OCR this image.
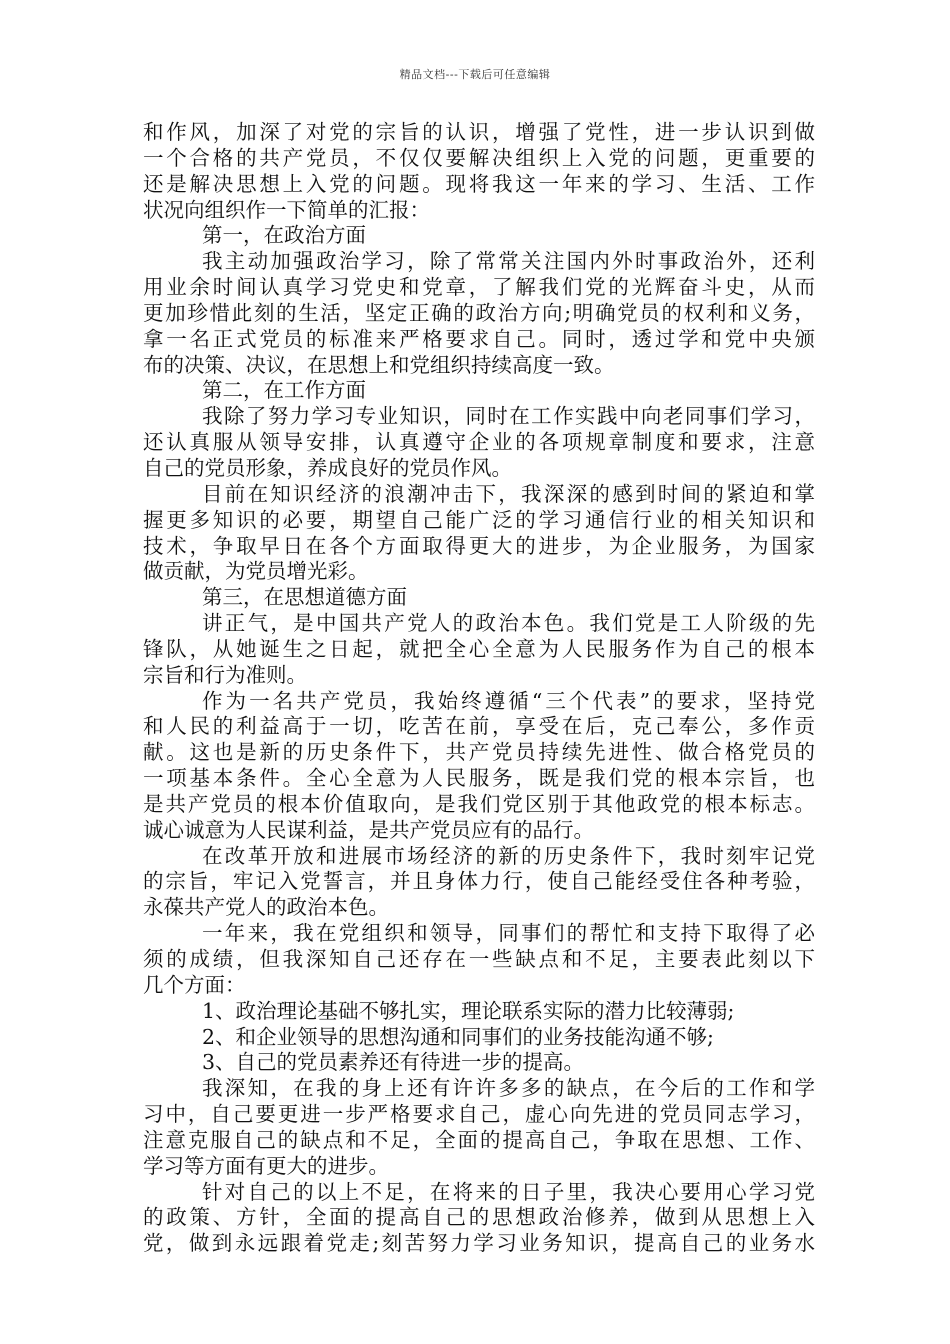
精品文档---下载后可任意编辑
和作风，加深了对党的宗旨的认识，增强了党性，进一步认识到做
一个合格的共产党员，不仅仅要解决组织上入党的问题，更重要的
还是解决思想上入党的问题。现将我这一年来的学习、生活、工作
状况向组织作一下简单的汇报：
第一，在政治方面
我主动加强政治学习，除了常常关注国内外时事政治外，还利
用业余时间认真学习党史和党章，了解我们党的光辉奋斗史，从而
更加珍惜此刻的生活，坚定正确的政治方向;明确党员的权利和义务，
拿一名正式党员的标准来严格要求自己。同时，透过学和党中央颁
布的决策、决议，在思想上和党组织持续高度一致。
第二，在工作方面
我除了努力学习专业知识，同时在工作实践中向老同事们学习，
还认真服从领导安排，认真遵守企业的各项规章制度和要求，注意
自己的党员形象，养成良好的党员作风。
目前在知识经济的浪潮冲击下，我深深的感到时间的紧迫和掌
握更多知识的必要，期望自己能广泛的学习通信行业的相关知识和
技术，争取早日在各个方面取得更大的进步，为企业服务，为国家
做贡献，为党员增光彩。
第三，在思想道德方面
讲正气，是中国共产党人的政治本色。我们党是工人阶级的先
锋队，从她诞生之日起，就把全心全意为人民服务作为自己的根本
宗旨和行为准则。
作为一名共产党员，我始终遵循“三个代表”的要求，坚持党
和人民的利益高于一切，吃苦在前，享受在后，克己奉公，多作贡
献。这也是新的历史条件下，共产党员持续先进性、做合格党员的
一项基本条件。全心全意为人民服务，既是我们党的根本宗旨，也
是共产党员的根本价值取向，是我们党区别于其他政党的根本标志。
诚心诚意为人民谋利益，是共产党员应有的品行。
在改革开放和进展市场经济的新的历史条件下，我时刻牢记党
的宗旨，牢记入党誓言，并且身体力行，使自己能经受住各种考验，
永葆共产党人的政治本色。
一年来，我在党组织和领导，同事们的帮忙和支持下取得了必
须的成绩，但我深知自己还存在一些缺点和不足，主要表此刻以下
几个方面：
1、政治理论基础不够扎实，理论联系实际的潜力比较薄弱;
2、和企业领导的思想沟通和同事们的业务技能沟通不够;
3、自己的党员素养还有待进一步的提高。
我深知，在我的身上还有许许多多的缺点，在今后的工作和学
习中，自己要更进一步严格要求自己，虚心向先进的党员同志学习，
注意克服自己的缺点和不足，全面的提高自己，争取在思想、工作、
学习等方面有更大的进步。
针对自己的以上不足，在将来的日子里，我决心要用心学习党
的政策、方针，全面的提高自己的思想政治修养，做到从思想上入
党，做到永远跟着党走;刻苦努力学习业务知识，提高自己的业务水
